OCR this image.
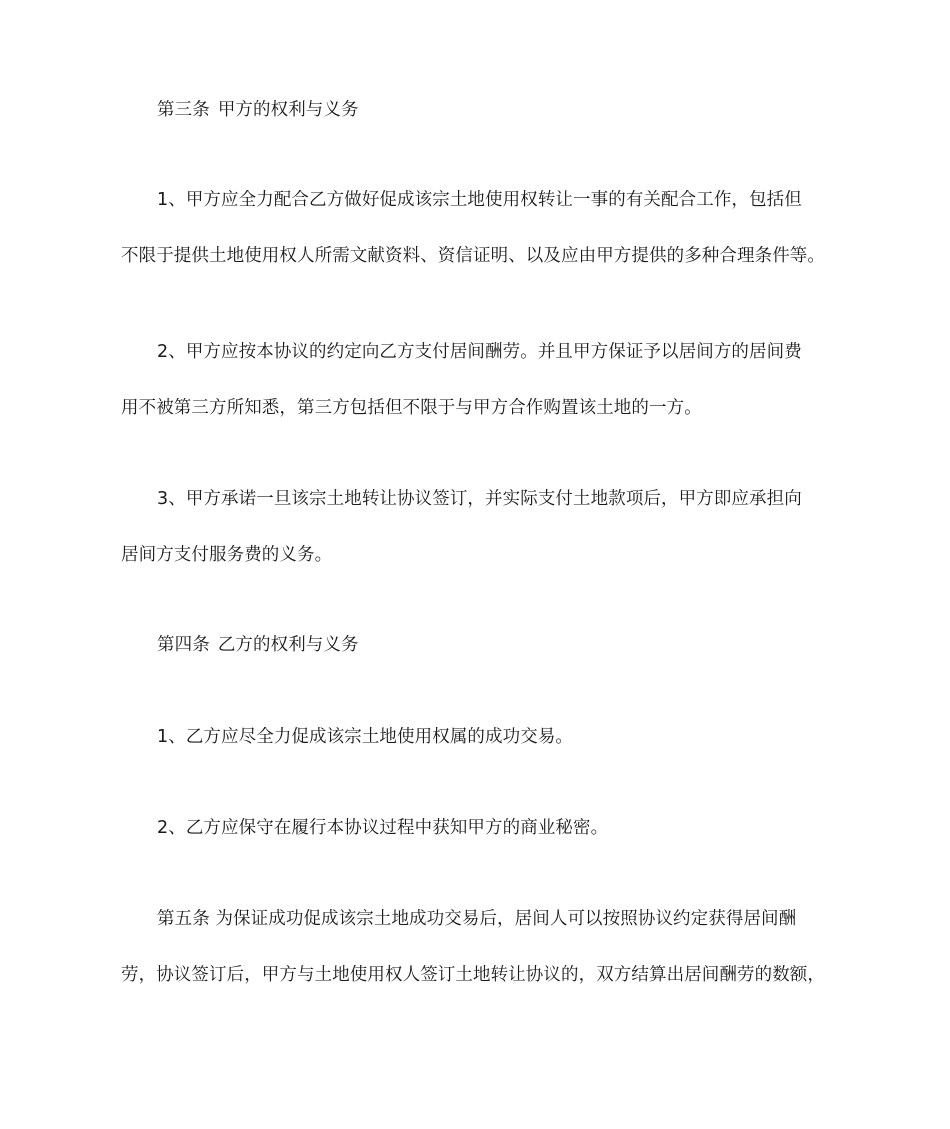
第三条 甲方的权利与义务
1、甲方应全力配合乙方做好促成该宗土地使用权转让一事的有关配合工作，包括但
不限于提供土地使用权人所需文献资料、资信证明、以及应由甲方提供的多种合理条件等。
2、甲方应按本协议的约定向乙方支付居间酬劳。并且甲方保证予以居间方的居间费
用不被第三方所知悉，第三方包括但不限于与甲方合作购置该土地的一方。
3、甲方承诺一旦该宗土地转让协议签订，并实际支付土地款项后，甲方即应承担向
居间方支付服务费的义务。
第四条 乙方的权利与义务
1、乙方应尽全力促成该宗土地使用权属的成功交易。
2、乙方应保守在履行本协议过程中获知甲方的商业秘密。
第五条 为保证成功促成该宗土地成功交易后，居间人可以按照协议约定获得居间酬
劳，协议签订后，甲方与土地使用权人签订土地转让协议的，双方结算出居间酬劳的数额，
